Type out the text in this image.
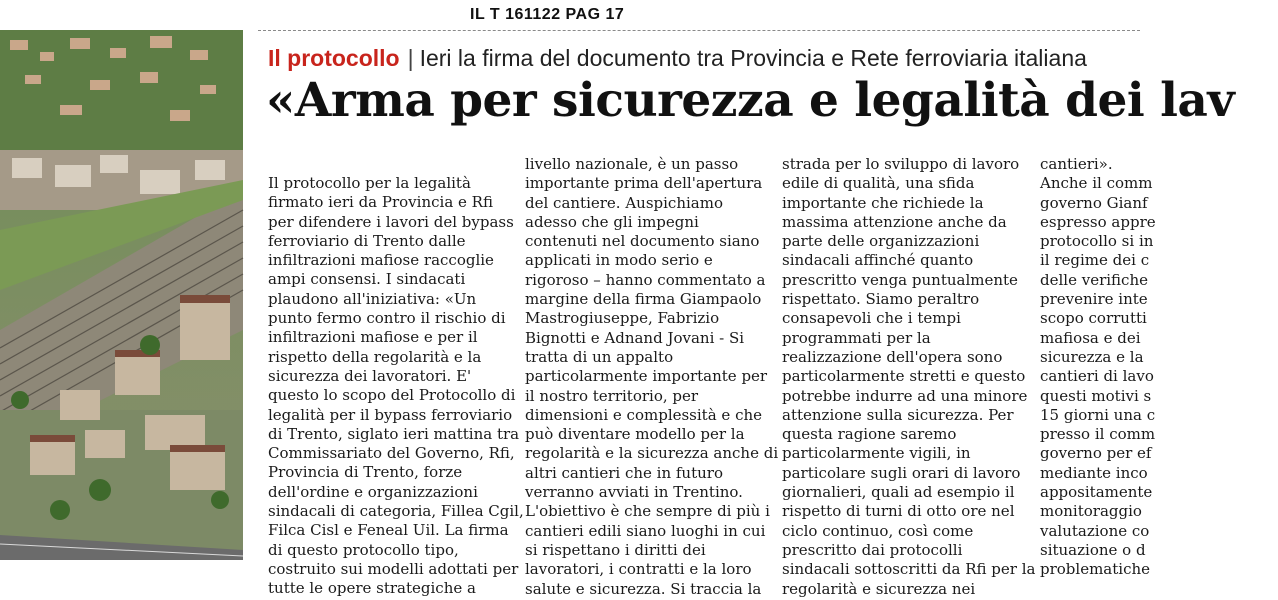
IL T 161122 PAG 17
Il protocollo | Ieri la firma del documento tra Provincia e Rete ferroviaria italiana
«Arma per sicurezza e legalità dei lav
Il protocollo per la legalità
firmato ieri da Provincia e Rfi
per difendere i lavori del bypass
ferroviario di Trento dalle
infiltrazioni mafiose raccoglie
ampi consensi. I sindacati
plaudono all'iniziativa: «Un
punto fermo contro il rischio di
infiltrazioni mafiose e per il
rispetto della regolarità e la
sicurezza dei lavoratori. E'
questo lo scopo del Protocollo di
legalità per il bypass ferroviario
di Trento, siglato ieri mattina tra
Commissariato del Governo, Rfi,
Provincia di Trento, forze
dell'ordine e organizzazioni
sindacali di categoria, Fillea Cgil,
Filca Cisl e Feneal Uil. La firma
di questo protocollo tipo,
costruito sui modelli adottati per
tutte le opere strategiche a
livello nazionale, è un passo
importante prima dell'apertura
del cantiere. Auspichiamo
adesso che gli impegni
contenuti nel documento siano
applicati in modo serio e
rigoroso – hanno commentato a
margine della firma Giampaolo
Mastrogiuseppe, Fabrizio
Bignotti e Adnand Jovani - Si
tratta di un appalto
particolarmente importante per
il nostro territorio, per
dimensioni e complessità e che
può diventare modello per la
regolarità e la sicurezza anche di
altri cantieri che in futuro
verranno avviati in Trentino.
L'obiettivo è che sempre di più i
cantieri edili siano luoghi in cui
si rispettano i diritti dei
lavoratori, i contratti e la loro
salute e sicurezza. Si traccia la
strada per lo sviluppo di lavoro
edile di qualità, una sfida
importante che richiede la
massima attenzione anche da
parte delle organizzazioni
sindacali affinché quanto
prescritto venga puntualmente
rispettato. Siamo peraltro
consapevoli che i tempi
programmati per la
realizzazione dell'opera sono
particolarmente stretti e questo
potrebbe indurre ad una minore
attenzione sulla sicurezza. Per
questa ragione saremo
particolarmente vigili, in
particolare sugli orari di lavoro
giornalieri, quali ad esempio il
rispetto di turni di otto ore nel
ciclo continuo, così come
prescritto dai protocolli
sindacali sottoscritti da Rfi per la
regolarità e sicurezza nei
cantieri».
Anche il comm
governo Gianf
espresso appre
protocollo si in
il regime dei c
delle verifiche
prevenire inte
scopo corrutti
mafiosa e dei
sicurezza e la
cantieri di lavo
questi motivi s
15 giorni una c
presso il comm
governo per ef
mediante inco
appositamente
monitoraggio
valutazione co
situazione o d
problematiche
